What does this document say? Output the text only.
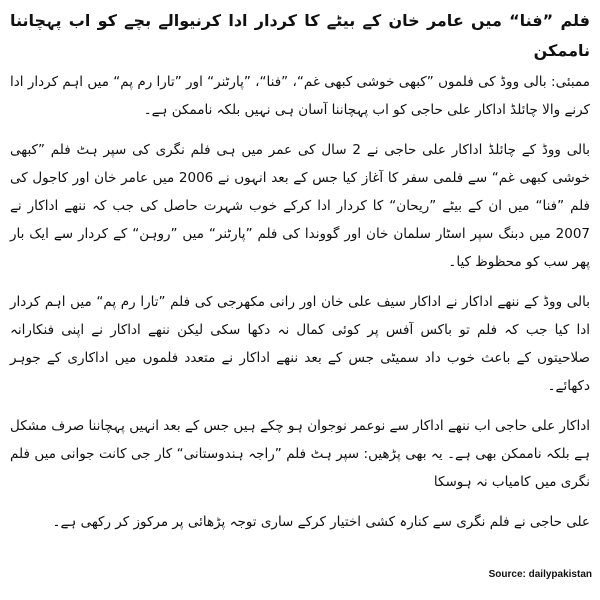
فلم ”فنا“ میں عامر خان کے بیٹے کا کردار ادا کرنیوالے بچے کو اب پہچاننا ناممکن

ممبئی: بالی ووڈ کی فلموں ”کبھی خوشی کبھی غم“، ”فنا“، ”پارٹنر“ اور ”تارا رم پم“ میں اہم کردار ادا کرنے والا چائلڈ اداکار علی حاجی کو اب پہچاننا آسان ہی نہیں بلکہ ناممکن ہے۔

بالی ووڈ کے چائلڈ اداکار علی حاجی نے 2 سال کی عمر میں ہی فلم نگری کی سپر ہٹ فلم ”کبھی خوشی کبھی غم“ سے فلمی سفر کا آغاز کیا جس کے بعد انہوں نے 2006 میں عامر خان اور کاجول کی فلم ”فنا“ میں ان کے بیٹے ”ریحان“ کا کردار ادا کرکے خوب شہرت حاصل کی جب کہ ننھے اداکار نے 2007 میں دبنگ سپر اسٹار سلمان خان اور گووندا کی فلم ”پارٹنر“ میں ”روہن“ کے کردار سے ایک بار پھر سب کو محظوظ کیا۔

بالی ووڈ کے ننھے اداکار نے اداکار سیف علی خان اور رانی مکھرجی کی فلم ”تارا رم پم“ میں اہم کردار ادا کیا جب کہ فلم تو باکس آفس پر کوئی کمال نہ دکھا سکی لیکن ننھے اداکار نے اپنی فنکارانہ صلاحیتوں کے باعث خوب داد سمیٹی جس کے بعد ننھے اداکار نے متعدد فلموں میں اداکاری کے جوہر دکھائے۔

اداکار علی حاجی اب ننھے اداکار سے نوعمر نوجوان ہو چکے ہیں جس کے بعد انہیں پہچاننا صرف مشکل ہے بلکہ ناممکن بھی ہے۔ یہ بھی پڑھیں: سپر ہٹ فلم ”راجہ ہندوستانی“ کار جی کانت جوانی میں فلم نگری میں کامیاب نہ ہوسکا

علی حاجی نے فلم نگری سے کنارہ کشی اختیار کرکے ساری توجہ پڑھائی پر مرکوز کر رکھی ہے۔

Source: dailypakistan
